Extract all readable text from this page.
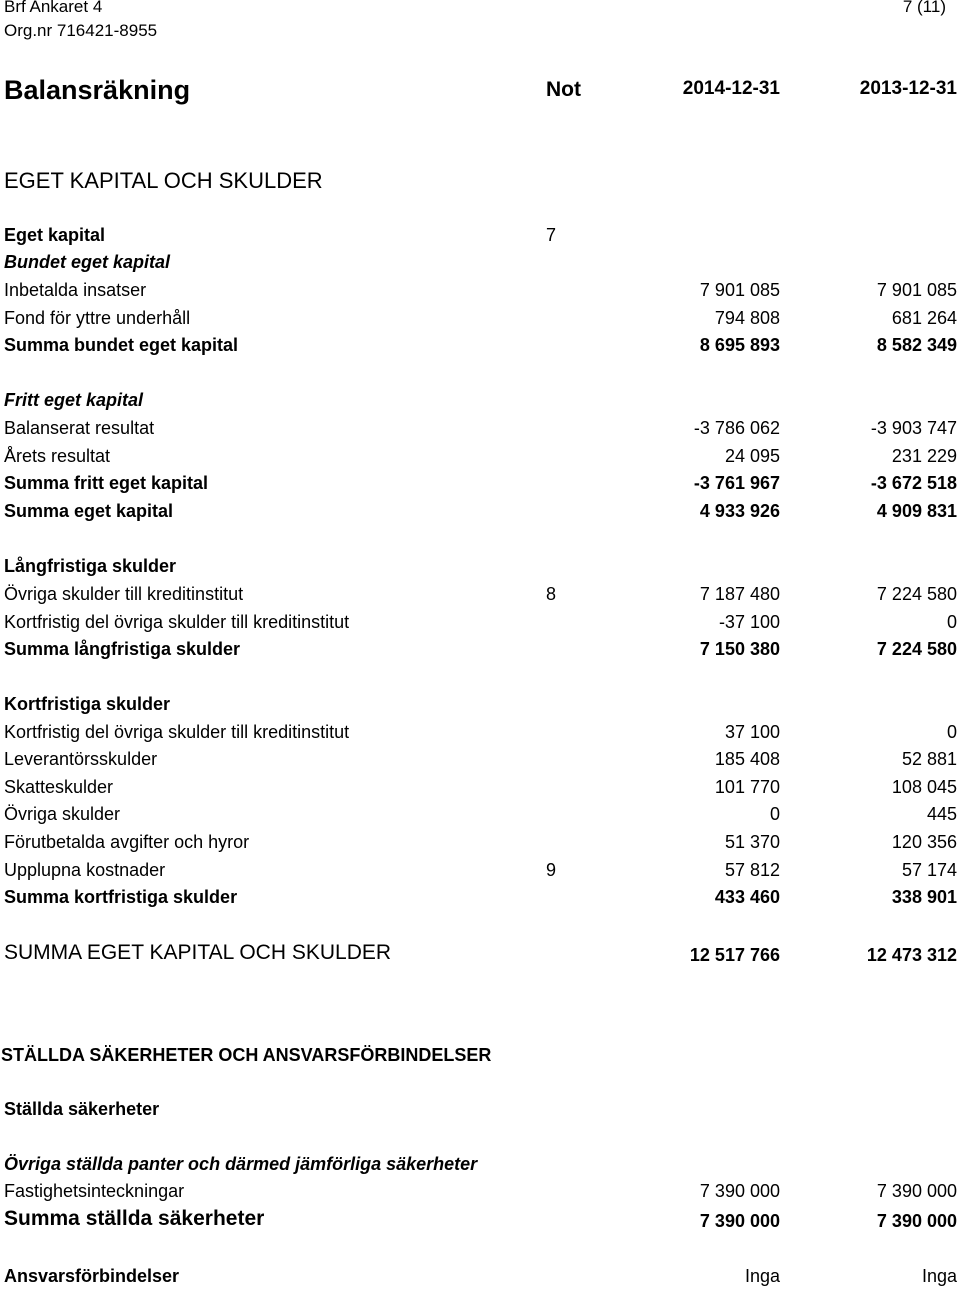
Brf Ankaret 4
Org.nr 716421-8955
7 (11)
Balansräkning	Not	2014-12-31	2013-12-31
EGET KAPITAL OCH SKULDER
Eget kapital	7
Bundet eget kapital
Inbetalda insatser	7 901 085	7 901 085
Fond för yttre underhåll	794 808	681 264
Summa bundet eget kapital	8 695 893	8 582 349
Fritt eget kapital
Balanserat resultat	-3 786 062	-3 903 747
Årets resultat	24 095	231 229
Summa fritt eget kapital	-3 761 967	-3 672 518
Summa eget kapital	4 933 926	4 909 831
Långfristiga skulder
Övriga skulder till kreditinstitut	8	7 187 480	7 224 580
Kortfristig del övriga skulder till kreditinstitut	-37 100	0
Summa långfristiga skulder	7 150 380	7 224 580
Kortfristiga skulder
Kortfristig del övriga skulder till kreditinstitut	37 100	0
Leverantörsskulder	185 408	52 881
Skatteskulder	101 770	108 045
Övriga skulder	0	445
Förutbetalda avgifter och hyror	51 370	120 356
Upplupna kostnader	9	57 812	57 174
Summa kortfristiga skulder	433 460	338 901
SUMMA EGET KAPITAL OCH SKULDER	12 517 766	12 473 312
STÄLLDA SÄKERHETER OCH ANSVARSFÖRBINDELSER
Ställda säkerheter
Övriga ställda panter och därmed jämförliga säkerheter
Fastighetsinteckningar	7 390 000	7 390 000
Summa ställda säkerheter	7 390 000	7 390 000
Ansvarsförbindelser	Inga	Inga
